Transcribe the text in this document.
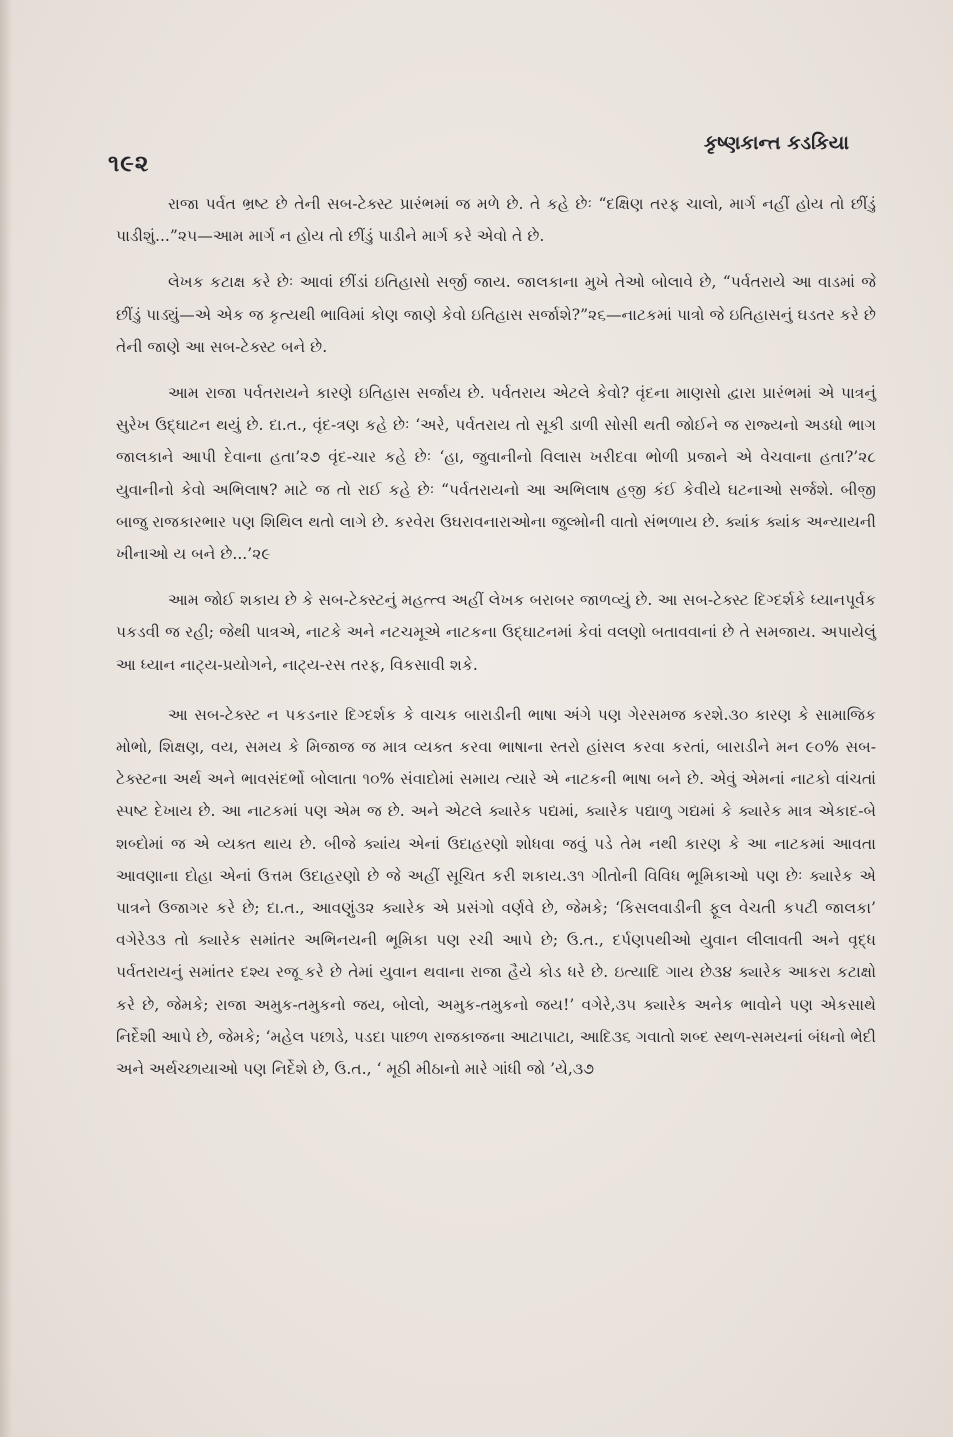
૧૯૨
કૃષ્ણકાન્ત કડકિયા

રાજા પર્વત ભ્રષ્ટ છે તેની સબ-ટેક્સ્ટ પ્રારંભમાં જ મળે છે. તે કહે છેઃ “દક્ષિણ તરફ ચાલો, માર્ગ નહીં હોય તો છીંડું પાડીશું...”૨૫—આમ માર્ગ ન હોય તો છીંડું પાડીને માર્ગ કરે એવો તે છે.

લેખક કટાક્ષ કરે છેઃ આવાં છીંડાં ઇતિહાસો સર્જી જાય. જાલકાના મુખે તેઓ બોલાવે છે, “પર્વતરાયે આ વાડમાં જે છીંડું પાડ્યું—એ એક જ કૃત્યથી ભાવિમાં કોણ જાણે કેવો ઇતિહાસ સર્જાશે?”૨૬—નાટકમાં પાત્રો જે ઇતિહાસનું ઘડતર કરે છે તેની જાણે આ સબ-ટેક્સ્ટ બને છે.

આમ રાજા પર્વતરાયને કારણે ઇતિહાસ સર્જાય છે. પર્વતરાય એટલે કેવો? વૃંદના માણસો દ્વારા પ્રારંભમાં એ પાત્રનું સુરેખ ઉદ્ઘાટન થયું છે. દા.ત., વૃંદ-ત્રણ કહે છેઃ ‘અરે, પર્વતરાય તો સૂકી ડાળી સોસી થતી જોઈને જ રાજ્યનો અડધો ભાગ જાલકાને આપી દેવાના હતા’૨૭ વૃંદ-ચાર કહે છેઃ ‘હા, જુવાનીનો વિલાસ ખરીદવા ભોળી પ્રજાને એ વેચવાના હતા?’૨૮ યુવાનીનો કેવો અભિલાષ? માટે જ તો રાઈ કહે છેઃ “પર્વતરાયનો આ અભિલાષ હજી કંઈ કેવીયે ઘટનાઓ સર્જશે. બીજી બાજુ રાજકારભાર પણ શિથિલ થતો લાગે છે. કરવેરા ઉઘરાવનારાઓના જુલ્મોની વાતો સંભળાય છે. ક્યાંક ક્યાંક અન્યાયની ખીનાઓ ય બને છે...’૨૯

આમ જોઈ શકાય છે કે સબ-ટેક્સ્ટનું મહત્ત્વ અહીં લેખક બરાબર જાળવ્યું છે. આ સબ-ટેક્સ્ટ દિગ્દર્શકે ધ્યાનપૂર્વક પકડવી જ રહી; જેથી પાત્રએ, નાટકે અને નટચમૂએ નાટકના ઉદ્ઘાટનમાં કેવાં વલણો બતાવવાનાં છે તે સમજાય. અપાયેલું આ ધ્યાન નાટ્ય-પ્રયોગને, નાટ્ય-રસ તરફ, વિકસાવી શકે.

આ સબ-ટેક્સ્ટ ન પકડનાર દિગ્દર્શક કે વાચક બારાડીની ભાષા અંગે પણ ગેરસમજ કરશે.૩૦ કારણ કે સામાજિક મોભો, શિક્ષણ, વય, સમય કે મિજાજ જ માત્ર વ્યક્ત કરવા ભાષાના સ્તરો હાંસલ કરવા કરતાં, બારાડીને મન ૯૦% સબ-ટેક્સ્ટના અર્થ અને ભાવસંદર્ભો બોલાતા ૧૦% સંવાદોમાં સમાય ત્યારે એ નાટકની ભાષા બને છે. એવું એમનાં નાટકો વાંચતાં સ્પષ્ટ દેખાય છે. આ નાટકમાં પણ એમ જ છે. અને એટલે ક્યારેક પદ્યમાં, ક્યારેક પદ્યાળુ ગદ્યમાં કે ક્યારેક માત્ર એકાદ-બે શબ્દોમાં જ એ વ્યક્ત થાય છે. બીજે ક્યાંય એનાં ઉદાહરણો શોધવા જવું પડે તેમ નથી કારણ કે આ નાટકમાં આવતા આવણાના દોહા એનાં ઉત્તમ ઉદાહરણો છે જે અહીં સૂચિત કરી શકાય.૩૧ ગીતોની વિવિધ ભૂમિકાઓ પણ છેઃ ક્યારેક એ પાત્રને ઉજાગર કરે છે; દા.ત., આવણું૩૨ ક્યારેક એ પ્રસંગો વર્ણવે છે, જેમકે; ‘કિસલવાડીની ફૂલ વેચતી કપટી જાલકા’ વગેરે૩૩ તો ક્યારેક સમાંતર અભિનયની ભૂમિકા પણ રચી આપે છે; ઉ.ત., દર્પણપથીઓ યુવાન લીલાવતી અને વૃદ્ધ પર્વતરાયનું સમાંતર દશ્ય રજૂ કરે છે તેમાં યુવાન થવાના રાજા હૈયે કોડ ધરે છે. ઇત્યાદિ ગાય છે૩૪ ક્યારેક આકરા કટાક્ષો કરે છે, જેમકે; રાજા અમુક-તમુકનો જય, બોલો, અમુક-તમુકનો જય!’ વગેરે,૩૫ ક્યારેક અનેક ભાવોને પણ એકસાથે નિર્દેશી આપે છે, જેમકે; ‘મહેલ પછાડે, પડદા પાછળ રાજકાજના આટાપાટા, આદિ૩૬ ગવાતો શબ્દ સ્થળ-સમયનાં બંધનો ભેદી અને અર્થચ્છાયાઓ પણ નિર્દેશે છે, ઉ.ત., ‘ મૂઠી મીઠાનો મારે ગાંધી જો ’યે,૩૭
